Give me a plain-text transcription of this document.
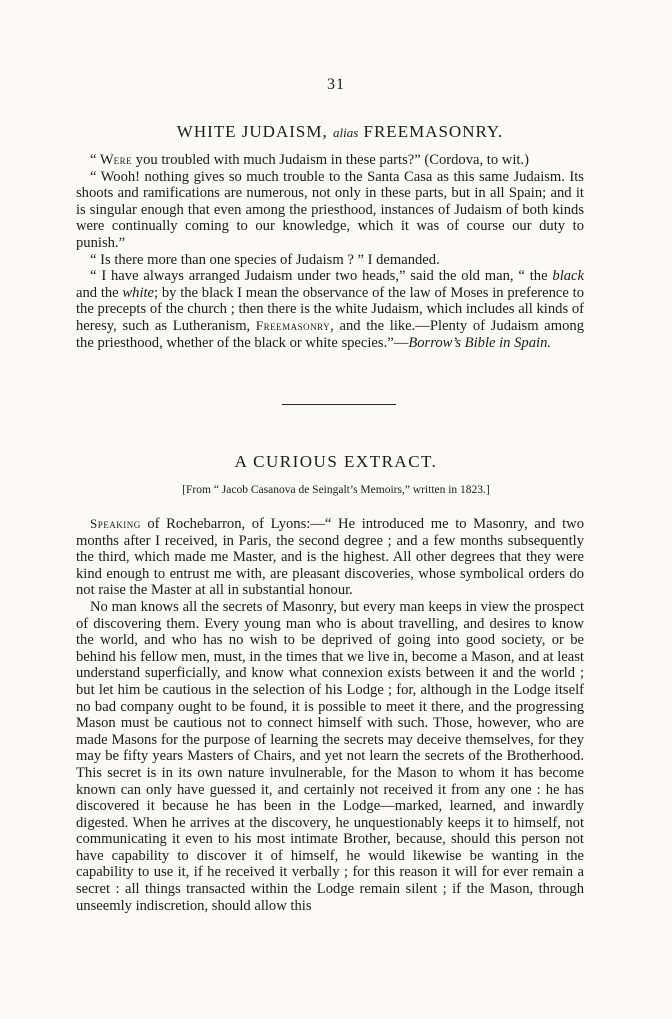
31
WHITE JUDAISM, alias FREEMASONRY.

“ Were you troubled with much Judaism in these parts?” (Cordova, to wit.)

“ Wooh! nothing gives so much trouble to the Santa Casa as this same Judaism. Its shoots and ramifications are numerous, not only in these parts, but in all Spain; and it is singular enough that even among the priesthood, instances of Judaism of both kinds were continually coming to our knowledge, which it was of course our duty to punish.”

“ Is there more than one species of Judaism ? ” I demanded.

“ I have always arranged Judaism under two heads,” said the old man, “ the black and the white; by the black I mean the observance of the law of Moses in preference to the precepts of the church ; then there is the white Judaism, which includes all kinds of heresy, such as Lutheranism, Freemasonry, and the like.—Plenty of Judaism among the priesthood, whether of the black or white species.”—Borrow’s Bible in Spain.

A CURIOUS EXTRACT.
[From “ Jacob Casanova de Seingalt’s Memoirs,” written in 1823.]

Speaking of Rochebarron, of Lyons:—“ He introduced me to Masonry, and two months after I received, in Paris, the second degree ; and a few months subsequently the third, which made me Master, and is the highest. All other degrees that they were kind enough to entrust me with, are pleasant discoveries, whose symbolical orders do not raise the Master at all in substantial honour.

No man knows all the secrets of Masonry, but every man keeps in view the prospect of discovering them. Every young man who is about travelling, and desires to know the world, and who has no wish to be deprived of going into good society, or be behind his fellow men, must, in the times that we live in, become a Mason, and at least understand superficially, and know what connexion exists between it and the world ; but let him be cautious in the selection of his Lodge ; for, although in the Lodge itself no bad company ought to be found, it is possible to meet it there, and the progressing Mason must be cautious not to connect himself with such. Those, however, who are made Masons for the purpose of learning the secrets may deceive themselves, for they may be fifty years Masters of Chairs, and yet not learn the secrets of the Brotherhood. This secret is in its own nature invulnerable, for the Mason to whom it has become known can only have guessed it, and certainly not received it from any one : he has discovered it because he has been in the Lodge—marked, learned, and inwardly digested. When he arrives at the discovery, he unquestionably keeps it to himself, not communicating it even to his most intimate Brother, because, should this person not have capability to discover it of himself, he would likewise be wanting in the capability to use it, if he received it verbally ; for this reason it will for ever remain a secret : all things transacted within the Lodge remain silent ; if the Mason, through unseemly indiscretion, should allow this
